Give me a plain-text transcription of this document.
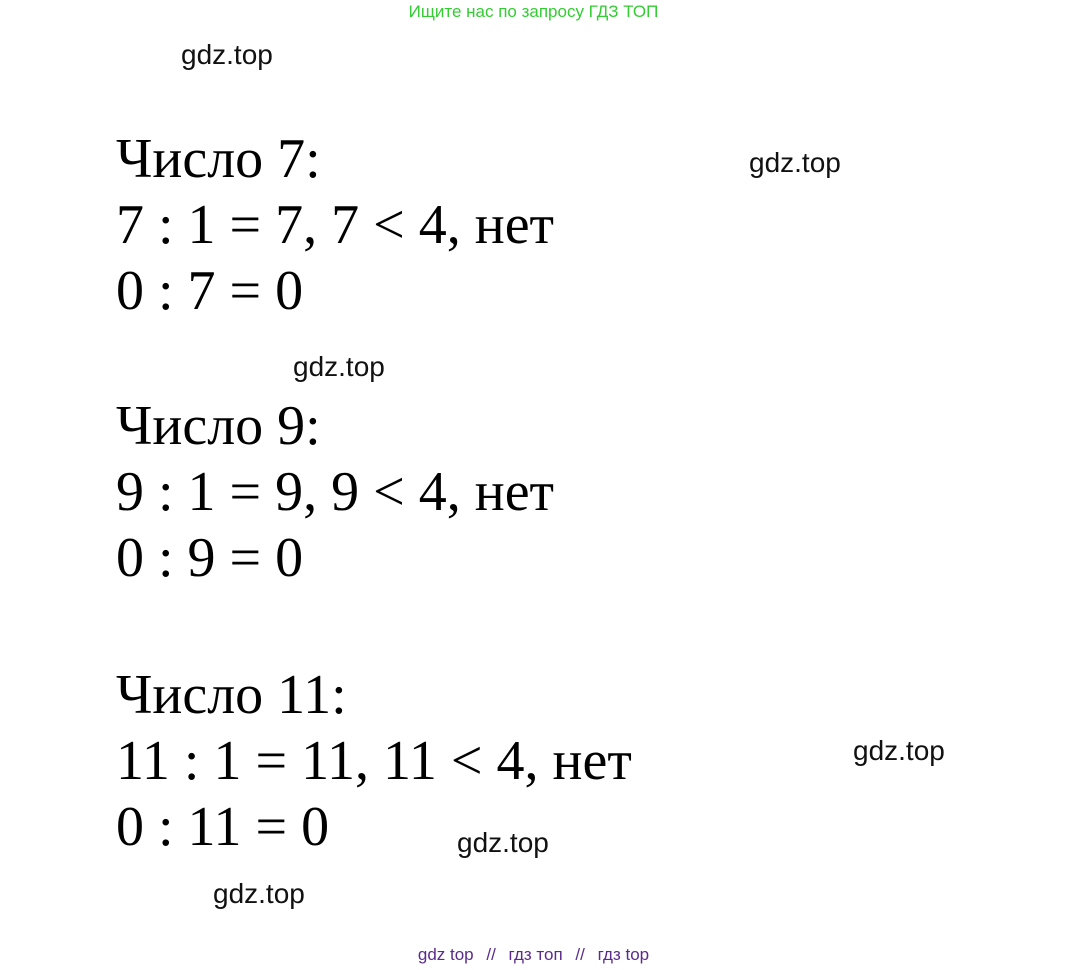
Ищите нас по запросу ГДЗ ТОП
gdz.top
gdz.top
gdz.top
gdz.top
gdz.top
gdz.top
Число 7:
7 : 1 = 7, 7 < 4, нет
0 : 7 = 0
Число 9:
9 : 1 = 9, 9 < 4, нет
0 : 9 = 0
Число 11:
11 : 1 = 11, 11 < 4, нет
0 : 11 = 0
gdz top // гдз топ // гдз top
